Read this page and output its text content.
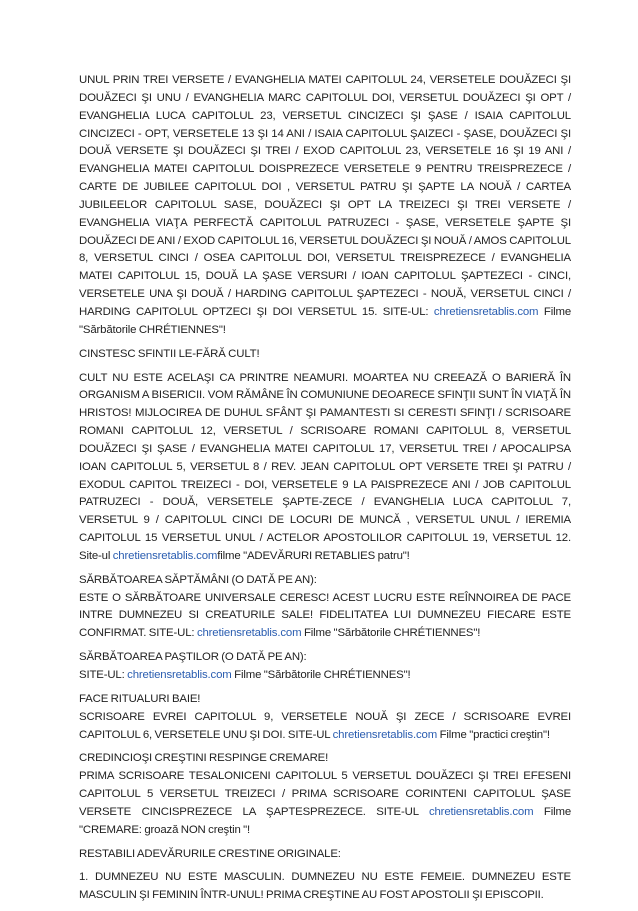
UNUL PRIN TREI VERSETE / EVANGHELIA MATEI CAPITOLUL 24, VERSETELE DOUĂZECI ŞI DOUĂZECI ŞI UNU / EVANGHELIA MARC CAPITOLUL DOI, VERSETUL DOUĂZECI ŞI OPT / EVANGHELIA LUCA CAPITOLUL 23, VERSETUL CINCIZECI ŞI ŞASE / ISAIA CAPITOLUL CINCIZECI - OPT, VERSETELE 13 ŞI 14 ANI / ISAIA CAPITOLUL ŞAIZECI - ŞASE, DOUĂZECI ŞI DOUĂ VERSETE ŞI DOUĂZECI ŞI TREI / EXOD CAPITOLUL 23, VERSETELE 16 ŞI 19 ANI / EVANGHELIA MATEI CAPITOLUL DOISPREZECE VERSETELE 9 PENTRU TREISPREZECE / CARTE DE JUBILEE CAPITOLUL DOI , VERSETUL PATRU ŞI ŞAPTE LA NOUĂ / CARTEA JUBILEELOR CAPITOLUL SASE, DOUĂZECI ŞI OPT LA TREIZECI ŞI TREI VERSETE / EVANGHELIA VIAŢA PERFECTĂ CAPITOLUL PATRUZECI - ŞASE, VERSETELE ŞAPTE ŞI DOUĂZECI DE ANI / EXOD CAPITOLUL 16, VERSETUL DOUĂZECI ŞI NOUĂ / AMOS CAPITOLUL 8, VERSETUL CINCI / OSEA CAPITOLUL DOI, VERSETUL TREISPREZECE / EVANGHELIA MATEI CAPITOLUL 15, DOUĂ LA ŞASE VERSURI / IOAN CAPITOLUL ŞAPTEZECI - CINCI, VERSETELE UNA ŞI DOUĂ / HARDING CAPITOLUL ŞAPTEZECI - NOUĂ, VERSETUL CINCI / HARDING CAPITOLUL OPTZECI ŞI DOI VERSETUL 15. SITE-UL: chretiensretablis.com Filme "Sărbătorile CHRÉTIENNES"!

CINSTESC SFINTII LE-FĂRĂ CULT!

CULT NU ESTE ACELAŞI CA PRINTRE NEAMURI. MOARTEA NU CREEAZĂ O BARIERĂ ÎN ORGANISM A BISERICII. VOM RĂMÂNE ÎN COMUNIUNE DEOARECE SFINŢII SUNT ÎN VIAŢĂ ÎN HRISTOS! MIJLOCIREA DE DUHUL SFÂNT ŞI PAMANTESTI SI CERESTI SFINŢI / SCRISOARE ROMANI CAPITOLUL 12, VERSETUL / SCRISOARE ROMANI CAPITOLUL 8, VERSETUL DOUĂZECI ŞI ŞASE / EVANGHELIA MATEI CAPITOLUL 17, VERSETUL TREI / APOCALIPSA IOAN CAPITOLUL 5, VERSETUL 8 / REV. JEAN CAPITOLUL OPT VERSETE TREI ŞI PATRU / EXODUL CAPITOL TREIZECI - DOI, VERSETELE 9 LA PAISPREZECE ANI / JOB CAPITOLUL PATRUZECI - DOUĂ, VERSETELE ŞAPTE-ZECE / EVANGHELIA LUCA CAPITOLUL 7, VERSETUL 9 / CAPITOLUL CINCI DE LOCURI DE MUNCĂ , VERSETUL UNUL / IEREMIA CAPITOLUL 15 VERSETUL UNUL / ACTELOR APOSTOLILOR CAPITOLUL 19, VERSETUL 12. Site-ul chretiensretablis.comfilme "ADEVĂRURI RETABLIES patru"!

SĂRBĂTOAREA SĂPTĂMÂNI (O DATĂ PE AN):
ESTE O SĂRBĂTOARE UNIVERSALE CERESC! ACEST LUCRU ESTE REÎNNOIREA DE PACE INTRE DUMNEZEU SI CREATURILE SALE! FIDELITATEA LUI DUMNEZEU FIECARE ESTE CONFIRMAT. SITE-UL: chretiensretablis.com Filme "Sărbătorile CHRÉTIENNES"!

SĂRBĂTOAREA PAŞTILOR (O DATĂ PE AN):
SITE-UL: chretiensretablis.com Filme "Sărbătorile CHRÉTIENNES"!

FACE RITUALURI BAIE!
SCRISOARE EVREI CAPITOLUL 9, VERSETELE NOUĂ ŞI ZECE / SCRISOARE EVREI CAPITOLUL 6, VERSETELE UNU ŞI DOI. SITE-UL chretiensretablis.com Filme "practici creştin"!

CREDINCIOŞI CREŞTINI RESPINGE CREMARE!
PRIMA SCRISOARE TESALONICENI CAPITOLUL 5 VERSETUL DOUĂZECI ŞI TREI EFESENI CAPITOLUL 5 VERSETUL TREIZECI / PRIMA SCRISOARE CORINTENI CAPITOLUL ŞASE VERSETE CINCISPREZECE LA ŞAPTESPREZECE. SITE-UL chretiensretablis.com Filme "CREMARE: groază NON creştin "!

RESTABILI ADEVĂRURILE CRESTINE ORIGINALE:

1. DUMNEZEU NU ESTE MASCULIN. DUMNEZEU NU ESTE FEMEIE. DUMNEZEU ESTE MASCULIN ŞI FEMININ ÎNTR-UNUL! PRIMA CREŞTINE AU FOST APOSTOLII ŞI EPISCOPII.
